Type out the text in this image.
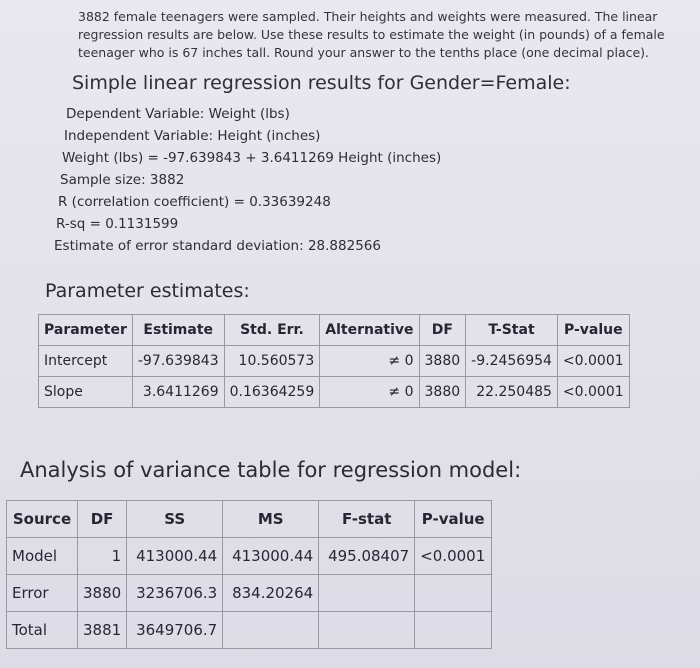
3882 female teenagers were sampled. Their heights and weights were measured. The linear regression results are below. Use these results to estimate the weight (in pounds) of a female teenager who is 67 inches tall. Round your answer to the tenths place (one decimal place).
Simple linear regression results for Gender=Female:
Dependent Variable: Weight (lbs)
Independent Variable: Height (inches)
Weight (lbs) = -97.639843 + 3.6411269 Height (inches)
Sample size: 3882
R (correlation coefficient) = 0.33639248
R-sq = 0.1131599
Estimate of error standard deviation: 28.882566
Parameter estimates:
Parameter	Estimate	Std. Err.	Alternative	DF	T-Stat	P-value
Intercept	-97.639843	10.560573	≠ 0	3880	-9.2456954	<0.0001
Slope	3.6411269	0.16364259	≠ 0	3880	22.250485	<0.0001
Analysis of variance table for regression model:
Source	DF	SS	MS	F-stat	P-value
Model	1	413000.44	413000.44	495.08407	<0.0001
Error	3880	3236706.3	834.20264		
Total	3881	3649706.7			
